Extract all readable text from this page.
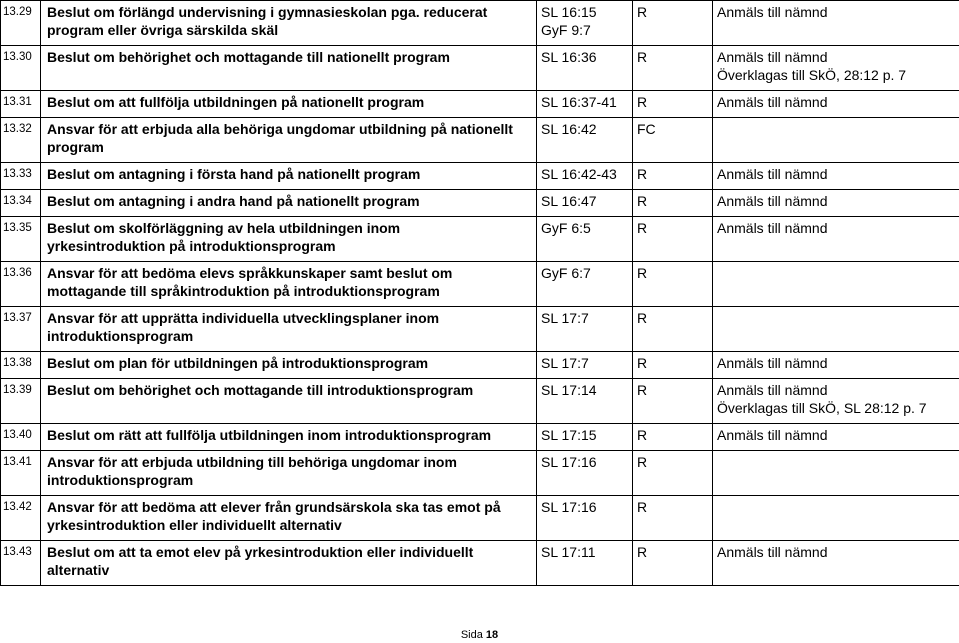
13.29	Beslut om förlängd undervisning i gymnasieskolan pga. reducerat
program eller övriga särskilda skäl	SL 16:15
GyF 9:7	R	Anmäls till nämnd

13.30	Beslut om behörighet och mottagande till nationellt program	SL 16:36	R	Anmäls till nämnd
Överklagas till SkÖ, 28:12 p. 7

13.31	Beslut om att fullfölja utbildningen på nationellt program	SL 16:37-41	R	Anmäls till nämnd

13.32	Ansvar för att erbjuda alla behöriga ungdomar utbildning på nationellt
program	SL 16:42	FC	
13.33	Beslut om antagning i första hand på nationellt program	SL 16:42-43	R	Anmäls till nämnd

13.34	Beslut om antagning i andra hand på nationellt program	SL 16:47	R	Anmäls till nämnd

13.35	Beslut om skolförläggning av hela utbildningen inom
yrkesintroduktion på introduktionsprogram	GyF 6:5	R	Anmäls till nämnd

13.36	Ansvar för att bedöma elevs språkkunskaper samt beslut om
mottagande till språkintroduktion på introduktionsprogram	GyF 6:7	R	
13.37	Ansvar för att upprätta individuella utvecklingsplaner inom
introduktionsprogram	SL 17:7	R	
13.38	Beslut om plan för utbildningen på introduktionsprogram	SL 17:7	R	Anmäls till nämnd

13.39	Beslut om behörighet och mottagande till introduktionsprogram	SL 17:14	R	Anmäls till nämnd
Överklagas till SkÖ, SL 28:12 p. 7

13.40	Beslut om rätt att fullfölja utbildningen inom introduktionsprogram	SL 17:15	R	Anmäls till nämnd

13.41	Ansvar för att erbjuda utbildning till behöriga ungdomar inom
introduktionsprogram	SL 17:16	R	
13.42	Ansvar för att bedöma att elever från grundsärskola ska tas emot på
yrkesintroduktion eller individuellt alternativ	SL 17:16	R	
13.43	Beslut om att ta emot elev på yrkesintroduktion eller individuellt
alternativ	SL 17:11	R	Anmäls till nämnd
Sida 18
